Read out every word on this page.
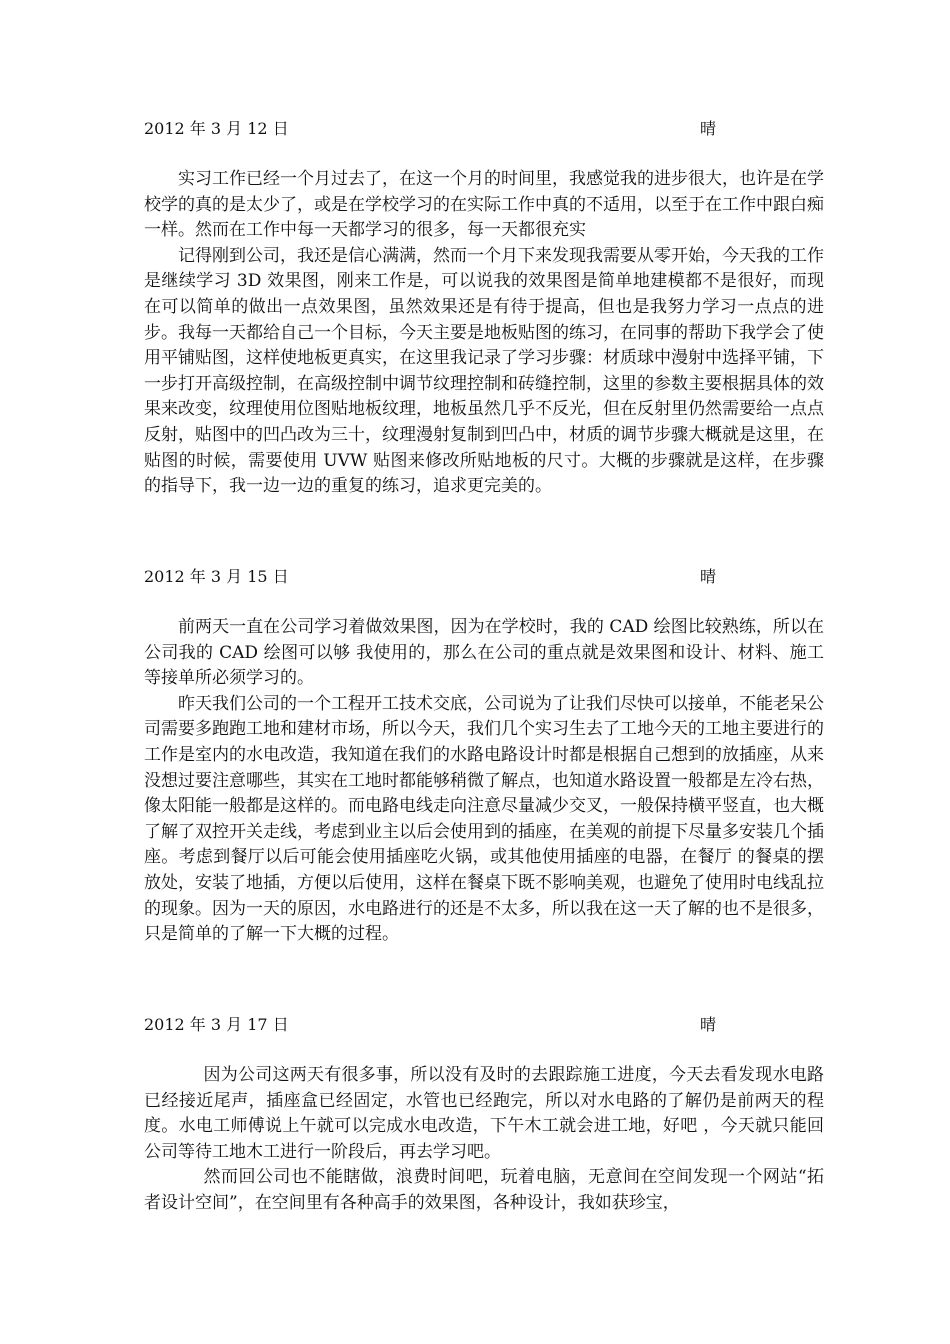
2012 年 3 月 12 日	晴

实习工作已经一个月过去了，在这一个月的时间里，我感觉我的进步很大，也许是在学校学的真的是太少了，或是在学校学习的在实际工作中真的不适用，以至于在工作中跟白痴一样。然而在工作中每一天都学习的很多，每一天都很充实

记得刚到公司，我还是信心满满，然而一个月下来发现我需要从零开始，今天我的工作是继续学习 3D 效果图，刚来工作是，可以说我的效果图是简单地建模都不是很好，而现在可以简单的做出一点效果图，虽然效果还是有待于提高，但也是我努力学习一点点的进步。我每一天都给自己一个目标，今天主要是地板贴图的练习，在同事的帮助下我学会了使用平铺贴图，这样使地板更真实，在这里我记录了学习步骤：材质球中漫射中选择平铺，下一步打开高级控制，在高级控制中调节纹理控制和砖缝控制，这里的参数主要根据具体的效果来改变，纹理使用位图贴地板纹理，地板虽然几乎不反光，但在反射里仍然需要给一点点反射，贴图中的凹凸改为三十，纹理漫射复制到凹凸中，材质的调节步骤大概就是这里，在贴图的时候，需要使用 UVW 贴图来修改所贴地板的尺寸。大概的步骤就是这样，在步骤的指导下，我一边一边的重复的练习，追求更完美的。

2012 年 3 月 15 日	晴

前两天一直在公司学习着做效果图，因为在学校时，我的 CAD 绘图比较熟练，所以在公司我的 CAD 绘图可以够 我使用的，那么在公司的重点就是效果图和设计、材料、施工等接单所必须学习的。

昨天我们公司的一个工程开工技术交底，公司说为了让我们尽快可以接单，不能老呆公司需要多跑跑工地和建材市场，所以今天，我们几个实习生去了工地今天的工地主要进行的工作是室内的水电改造，我知道在我们的水路电路设计时都是根据自己想到的放插座，从来没想过要注意哪些，其实在工地时都能够稍微了解点，也知道水路设置一般都是左冷右热，像太阳能一般都是这样的。而电路电线走向注意尽量减少交叉，一般保持横平竖直，也大概了解了双控开关走线，考虑到业主以后会使用到的插座，在美观的前提下尽量多安装几个插座。考虑到餐厅以后可能会使用插座吃火锅，或其他使用插座的电器，在餐厅 的餐桌的摆放处，安装了地插，方便以后使用，这样在餐桌下既不影响美观，也避免了使用时电线乱拉的现象。因为一天的原因，水电路进行的还是不太多，所以我在这一天了解的也不是很多，只是简单的了解一下大概的过程。

2012 年 3 月 17 日	晴

因为公司这两天有很多事，所以没有及时的去跟踪施工进度，今天去看发现水电路已经接近尾声，插座盒已经固定，水管也已经跑完，所以对水电路的了解仍是前两天的程度。水电工师傅说上午就可以完成水电改造，下午木工就会进工地，好吧 ，今天就只能回公司等待工地木工进行一阶段后，再去学习吧。

然而回公司也不能瞎做，浪费时间吧，玩着电脑，无意间在空间发现一个网站“拓者设计空间”，在空间里有各种高手的效果图，各种设计，我如获珍宝，
